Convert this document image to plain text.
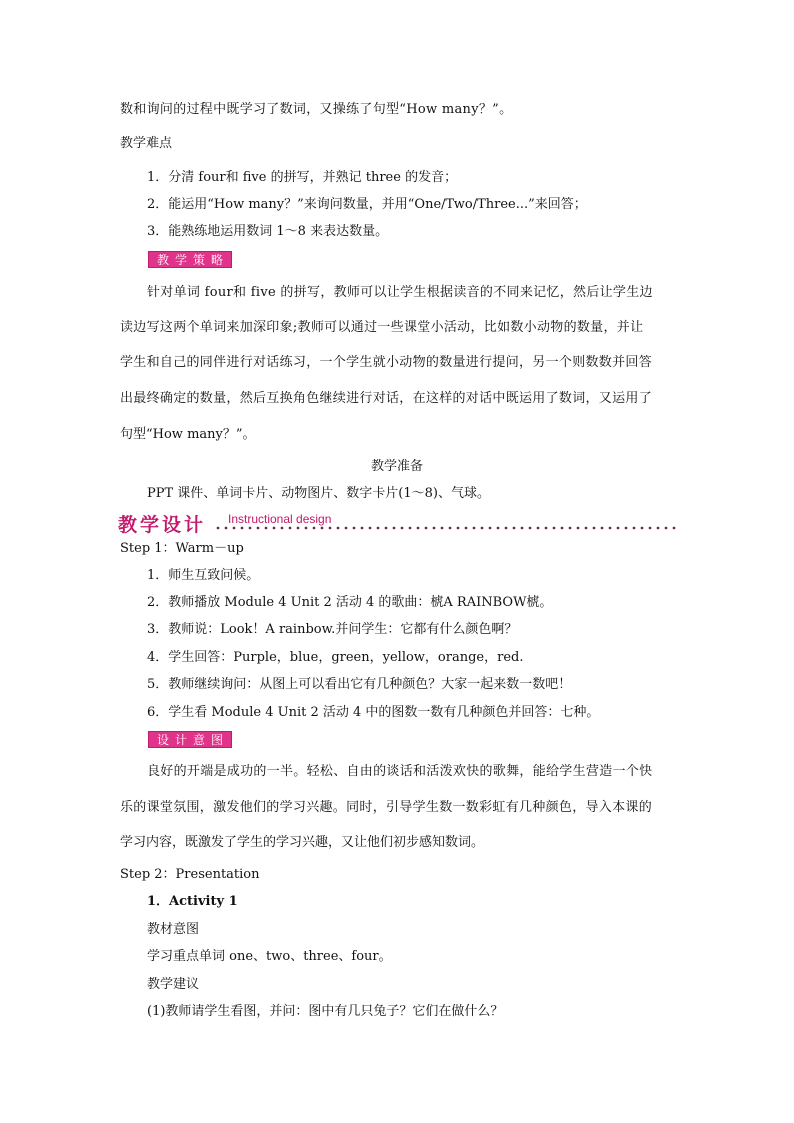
数和询问的过程中既学习了数词，又操练了句型“How many？”。
教学难点
1．分清 four和 five 的拼写，并熟记 three 的发音；
2．能运用“How many？”来询问数量，并用“One/Two/Three...”来回答；
3．能熟练地运用数词 1～8 来表达数量。
教学策略
针对单词 four和 five 的拼写，教师可以让学生根据读音的不同来记忆，然后让学生边
读边写这两个单词来加深印象;教师可以通过一些课堂小活动，比如数小动物的数量，并让
学生和自己的同伴进行对话练习，一个学生就小动物的数量进行提问，另一个则数数并回答
出最终确定的数量，然后互换角色继续进行对话，在这样的对话中既运用了数词，又运用了
句型“How many？”。
教学准备
PPT 课件、单词卡片、动物图片、数字卡片(1～8)、气球。
教学设计 Instructional design
Step 1：Warm－up
1．师生互致问候。
2．教师播放 Module 4 Unit 2 活动 4 的歌曲：椃A RAINBOW椃。
3．教师说：Look！A rainbow.并问学生：它都有什么颜色啊？
4．学生回答：Purple，blue，green，yellow，orange，red.
5．教师继续询问：从图上可以看出它有几种颜色？大家一起来数一数吧！
6．学生看 Module 4 Unit 2 活动 4 中的图数一数有几种颜色并回答：七种。
设计意图
良好的开端是成功的一半。轻松、自由的谈话和活泼欢快的歌舞，能给学生营造一个快
乐的课堂氛围，激发他们的学习兴趣。同时，引导学生数一数彩虹有几种颜色，导入本课的
学习内容，既激发了学生的学习兴趣，又让他们初步感知数词。
Step 2：Presentation
1．Activity 1
教材意图
学习重点单词 one、two、three、four。
教学建议
(1)教师请学生看图，并问：图中有几只兔子？它们在做什么？
